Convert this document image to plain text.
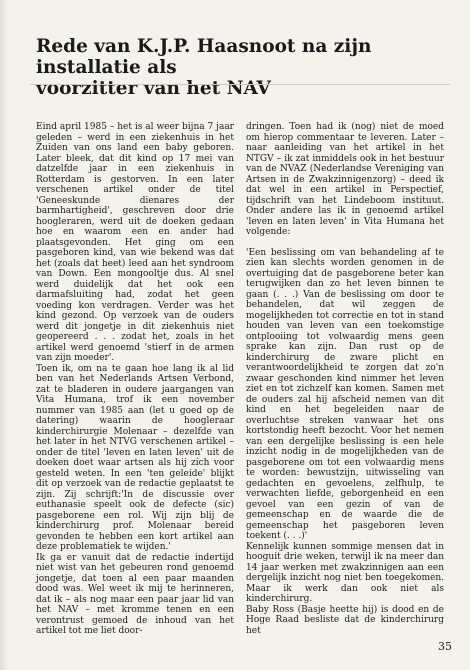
Rede van K.J.P. Haasnoot na zijn installatie als
voorzitter van het NAV

Eind april 1985 – het is al weer bijna 7 jaar geleden – werd in een ziekenhuis in het Zuiden van ons land een baby geboren. Later bleek, dat dit kind op 17 mei van datzelfde jaar in een ziekenhuis in Rotterdam is gestorven. In een later verschenen artikel onder de titel 'Geneeskunde dienares der barmhartigheid', geschreven door drie hoogleraren, werd uit de doeken gedaan hoe en waarom een en ander had plaatsgevonden. Het ging om een pasgeboren kind, van wie bekend was dat het (zoals dat heet) leed aan het syndroom van Down. Een mongooltje dus. Al snel werd duidelijk dat het ook een darmafsluiting had, zodat het geen voeding kon verdragen. Verder was het kind gezond. Op verzoek van de ouders werd dit jongetje in dit ziekenhuis niet geopereerd . . . zodat het, zoals in het artikel werd genoemd 'stierf in de armen van zijn moeder'.

Toen ik, om na te gaan hoe lang ik al lid ben van het Nederlands Artsen Verbond, zat te bladeren in oudere jaargangen van Vita Humana, trof ik een november nummer van 1985 aan (let u goed op de datering) waarin de hoogleraar kinderchirurgie Molenaar – dezelfde van het later in het NTVG verschenen artikel – onder de titel 'leven en laten leven' uit de doeken doet waar artsen als hij zich voor gesteld weten. In een 'ten geleide' blijkt dit op verzoek van de redactie geplaatst te zijn. Zij schrijft:'In de discussie over euthanasie speelt ook de defecte (sic) pasgeborene een rol. Wij zijn blij de kinderchirurg prof. Molenaar bereid gevonden te hebben een kort artikel aan deze problematiek te wijden.'

Ik ga er vanuit dat de redactie indertijd niet wist van het gebeuren rond genoemd jongetje, dat toen al een paar maanden dood was. Wel weet ik mij te herinneren, dat ik – als nog maar een paar jaar lid van het NAV – met kromme tenen en een verontrust gemoed de inhoud van het artikel tot me liet door-

dringen. Toen had ik (nog) niet de moed om hierop commentaar te leveren. Later – naar aanleiding van het artikel in het NTGV – ik zat inmiddels ook in het bestuur van de NVAZ (Nederlandse Vereniging van Artsen in de Zwakzinnigenzorg) – deed ik dat wel in een artikel in Perspectief, tijdschrift van het Lindeboom instituut. Onder andere las ik in genoemd artikel 'leven en laten leven' in Vita Humana het volgende:

'Een beslissing om van behandeling af te zien kan slechts worden genomen in de overtuiging dat de pasgeborene beter kan terugwijken dan zo het leven binnen te gaan (. . .) Van de beslissing om door te behandelen, dat wil zeggen de mogelijkheden tot correctie en tot in stand houden van leven van een toekomstige ontplooiing tot volwaardig mens geen sprake kan zijn. Dan rust op de kinderchirurg de zware plicht en verantwoordelijkheid te zorgen dat zo'n zwaar geschonden kind nimmer het leven ziet en tot zichzelf kan komen. Samen met de ouders zal hij afscheid nemen van dit kind en het begeleiden naar de overluchtse streken vanwaar het ons kortstondig heeft bezocht. Voor het nemen van een dergelijke beslissing is een hele inzicht nodig in de mogelijkheden van de pasgeborene om tot een volwaardig mens te worden: bewustzijn, uitwisseling van gedachten en gevoelens, zelfhulp, te verwachten liefde, geborgenheid en een gevoel van een gezin of van de gemeenschap en de waarde die de gemeenschap het pasgeboren leven toekent (. . .)'

Kennelijk kunnen sommige mensen dat in hooguit drie weken, terwijl ik na meer dan 14 jaar werken met zwakzinnigen aan een dergelijk inzicht nog niet ben toegekomen. Maar ik werk dan ook niet als kinderchirurg.

Baby Ross (Basje heette hij) is dood en de Hoge Raad besliste dat de kinderchirurg het

35
